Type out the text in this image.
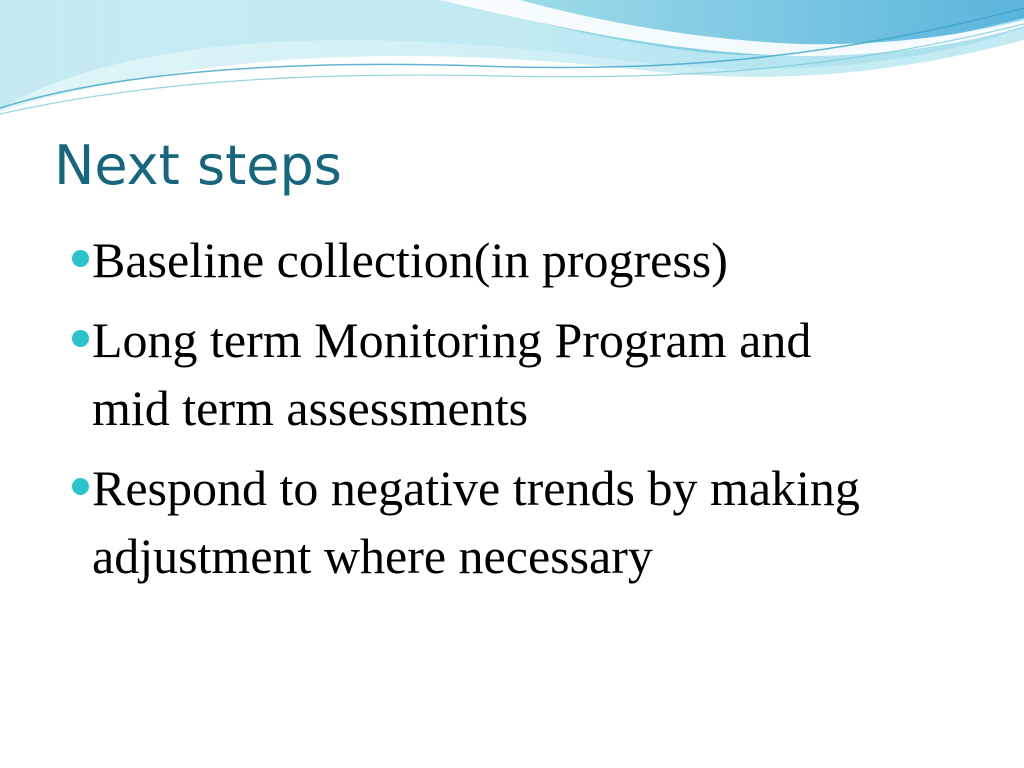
Next steps
Baseline collection(in progress)
Long term Monitoring Program and mid term assessments
Respond to negative trends by making adjustment where necessary
